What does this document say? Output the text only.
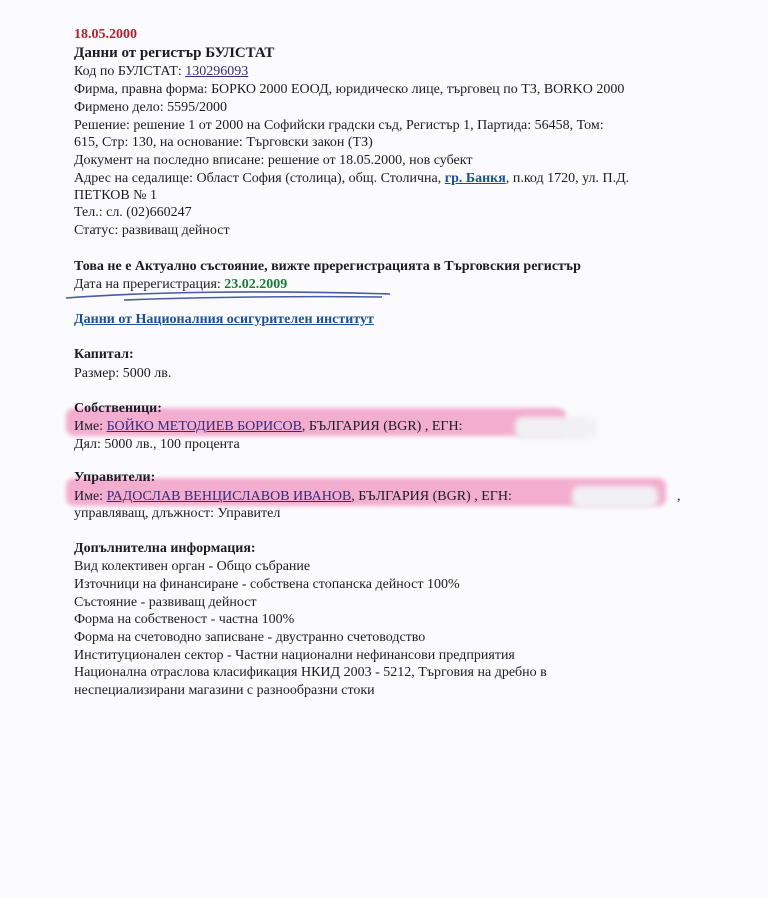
18.05.2000
Данни от регистър БУЛСТАТ
Код по БУЛСТАТ: 130296093
Фирма, правна форма: БОРКО 2000 ЕООД, юридическо лице, търговец по ТЗ, BORKO 2000
Фирмено дело: 5595/2000
Решение: решение 1 от 2000 на Софийски градски съд, Регистър 1, Партида: 56458, Том:
615, Стр: 130, на основание: Търговски закон (ТЗ)
Документ на последно вписане: решение от 18.05.2000, нов субект
Адрес на седалище: Област София (столица), общ. Столична, гр. Банкя, п.код 1720, ул. П.Д.
ПЕТКОВ № 1
Тел.: сл. (02)660247
Статус: развиващ дейност
Това не е Актуално състояние, вижте пререгистрацията в Търговския регистър
Дата на пререгистрация: 23.02.2009
Данни от Националния осигурителен институт
Капитал:
Размер: 5000 лв.
Собственици:
Име: БОЙКО МЕТОДИЕВ БОРИСОВ, БЪЛГАРИЯ (BGR) , ЕГН:
Дял: 5000 лв., 100 процента
Управители:
Име: РАДОСЛАВ ВЕНЦИСЛАВОВ ИВАНОВ, БЪЛГАРИЯ (BGR) , ЕГН:	,
управляващ, длъжност: Управител
Допълнителна информация:
Вид колективен орган - Общо събрание
Източници на финансиране - собствена стопанска дейност 100%
Състояние - развиващ дейност
Форма на собственост - частна 100%
Форма на счетоводно записване - двустранно счетоводство
Институционален сектор - Частни национални нефинансови предприятия
Национална отраслова класификация НКИД 2003 - 5212, Търговия на дребно в
неспециализирани магазини с разнообразни стоки
